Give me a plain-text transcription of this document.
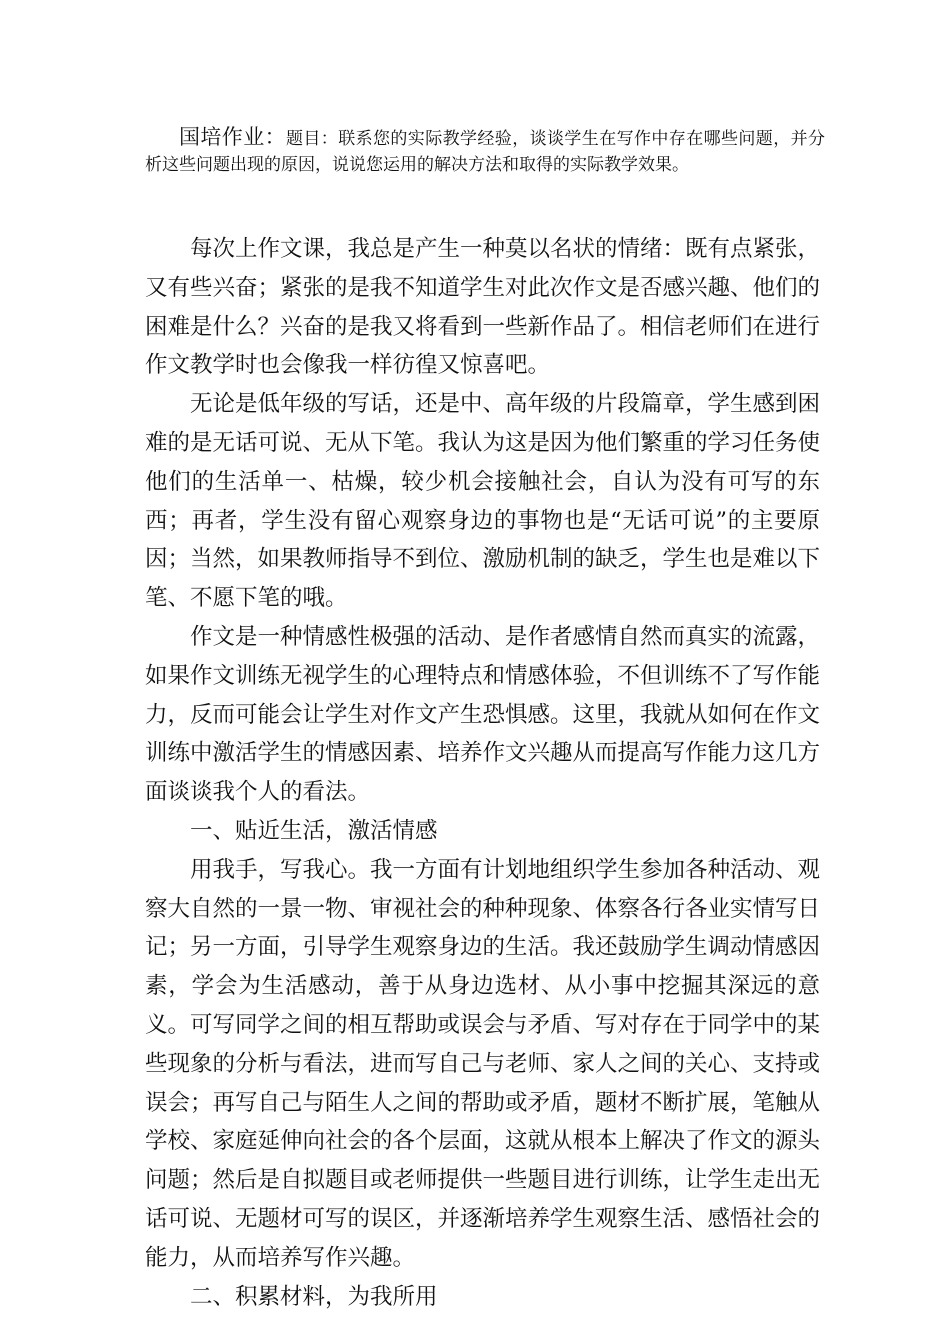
国培作业：题目：联系您的实际教学经验，谈谈学生在写作中存在哪些问题，并分析这些问题出现的原因，说说您运用的解决方法和取得的实际教学效果。

每次上作文课，我总是产生一种莫以名状的情绪：既有点紧张，又有些兴奋；紧张的是我不知道学生对此次作文是否感兴趣、他们的困难是什么？兴奋的是我又将看到一些新作品了。相信老师们在进行作文教学时也会像我一样彷徨又惊喜吧。

无论是低年级的写话，还是中、高年级的片段篇章，学生感到困难的是无话可说、无从下笔。我认为这是因为他们繁重的学习任务使他们的生活单一、枯燥，较少机会接触社会，自认为没有可写的东西；再者，学生没有留心观察身边的事物也是“无话可说”的主要原因；当然，如果教师指导不到位、激励机制的缺乏，学生也是难以下笔、不愿下笔的哦。

作文是一种情感性极强的活动、是作者感情自然而真实的流露，如果作文训练无视学生的心理特点和情感体验，不但训练不了写作能力，反而可能会让学生对作文产生恐惧感。这里，我就从如何在作文训练中激活学生的情感因素、培养作文兴趣从而提高写作能力这几方面谈谈我个人的看法。

一、贴近生活，激活情感

用我手，写我心。我一方面有计划地组织学生参加各种活动、观察大自然的一景一物、审视社会的种种现象、体察各行各业实情写日记；另一方面，引导学生观察身边的生活。我还鼓励学生调动情感因素，学会为生活感动，善于从身边选材、从小事中挖掘其深远的意义。可写同学之间的相互帮助或误会与矛盾、写对存在于同学中的某些现象的分析与看法，进而写自己与老师、家人之间的关心、支持或误会；再写自己与陌生人之间的帮助或矛盾，题材不断扩展，笔触从学校、家庭延伸向社会的各个层面，这就从根本上解决了作文的源头问题；然后是自拟题目或老师提供一些题目进行训练，让学生走出无话可说、无题材可写的误区，并逐渐培养学生观察生活、感悟社会的能力，从而培养写作兴趣。

二、积累材料，为我所用
